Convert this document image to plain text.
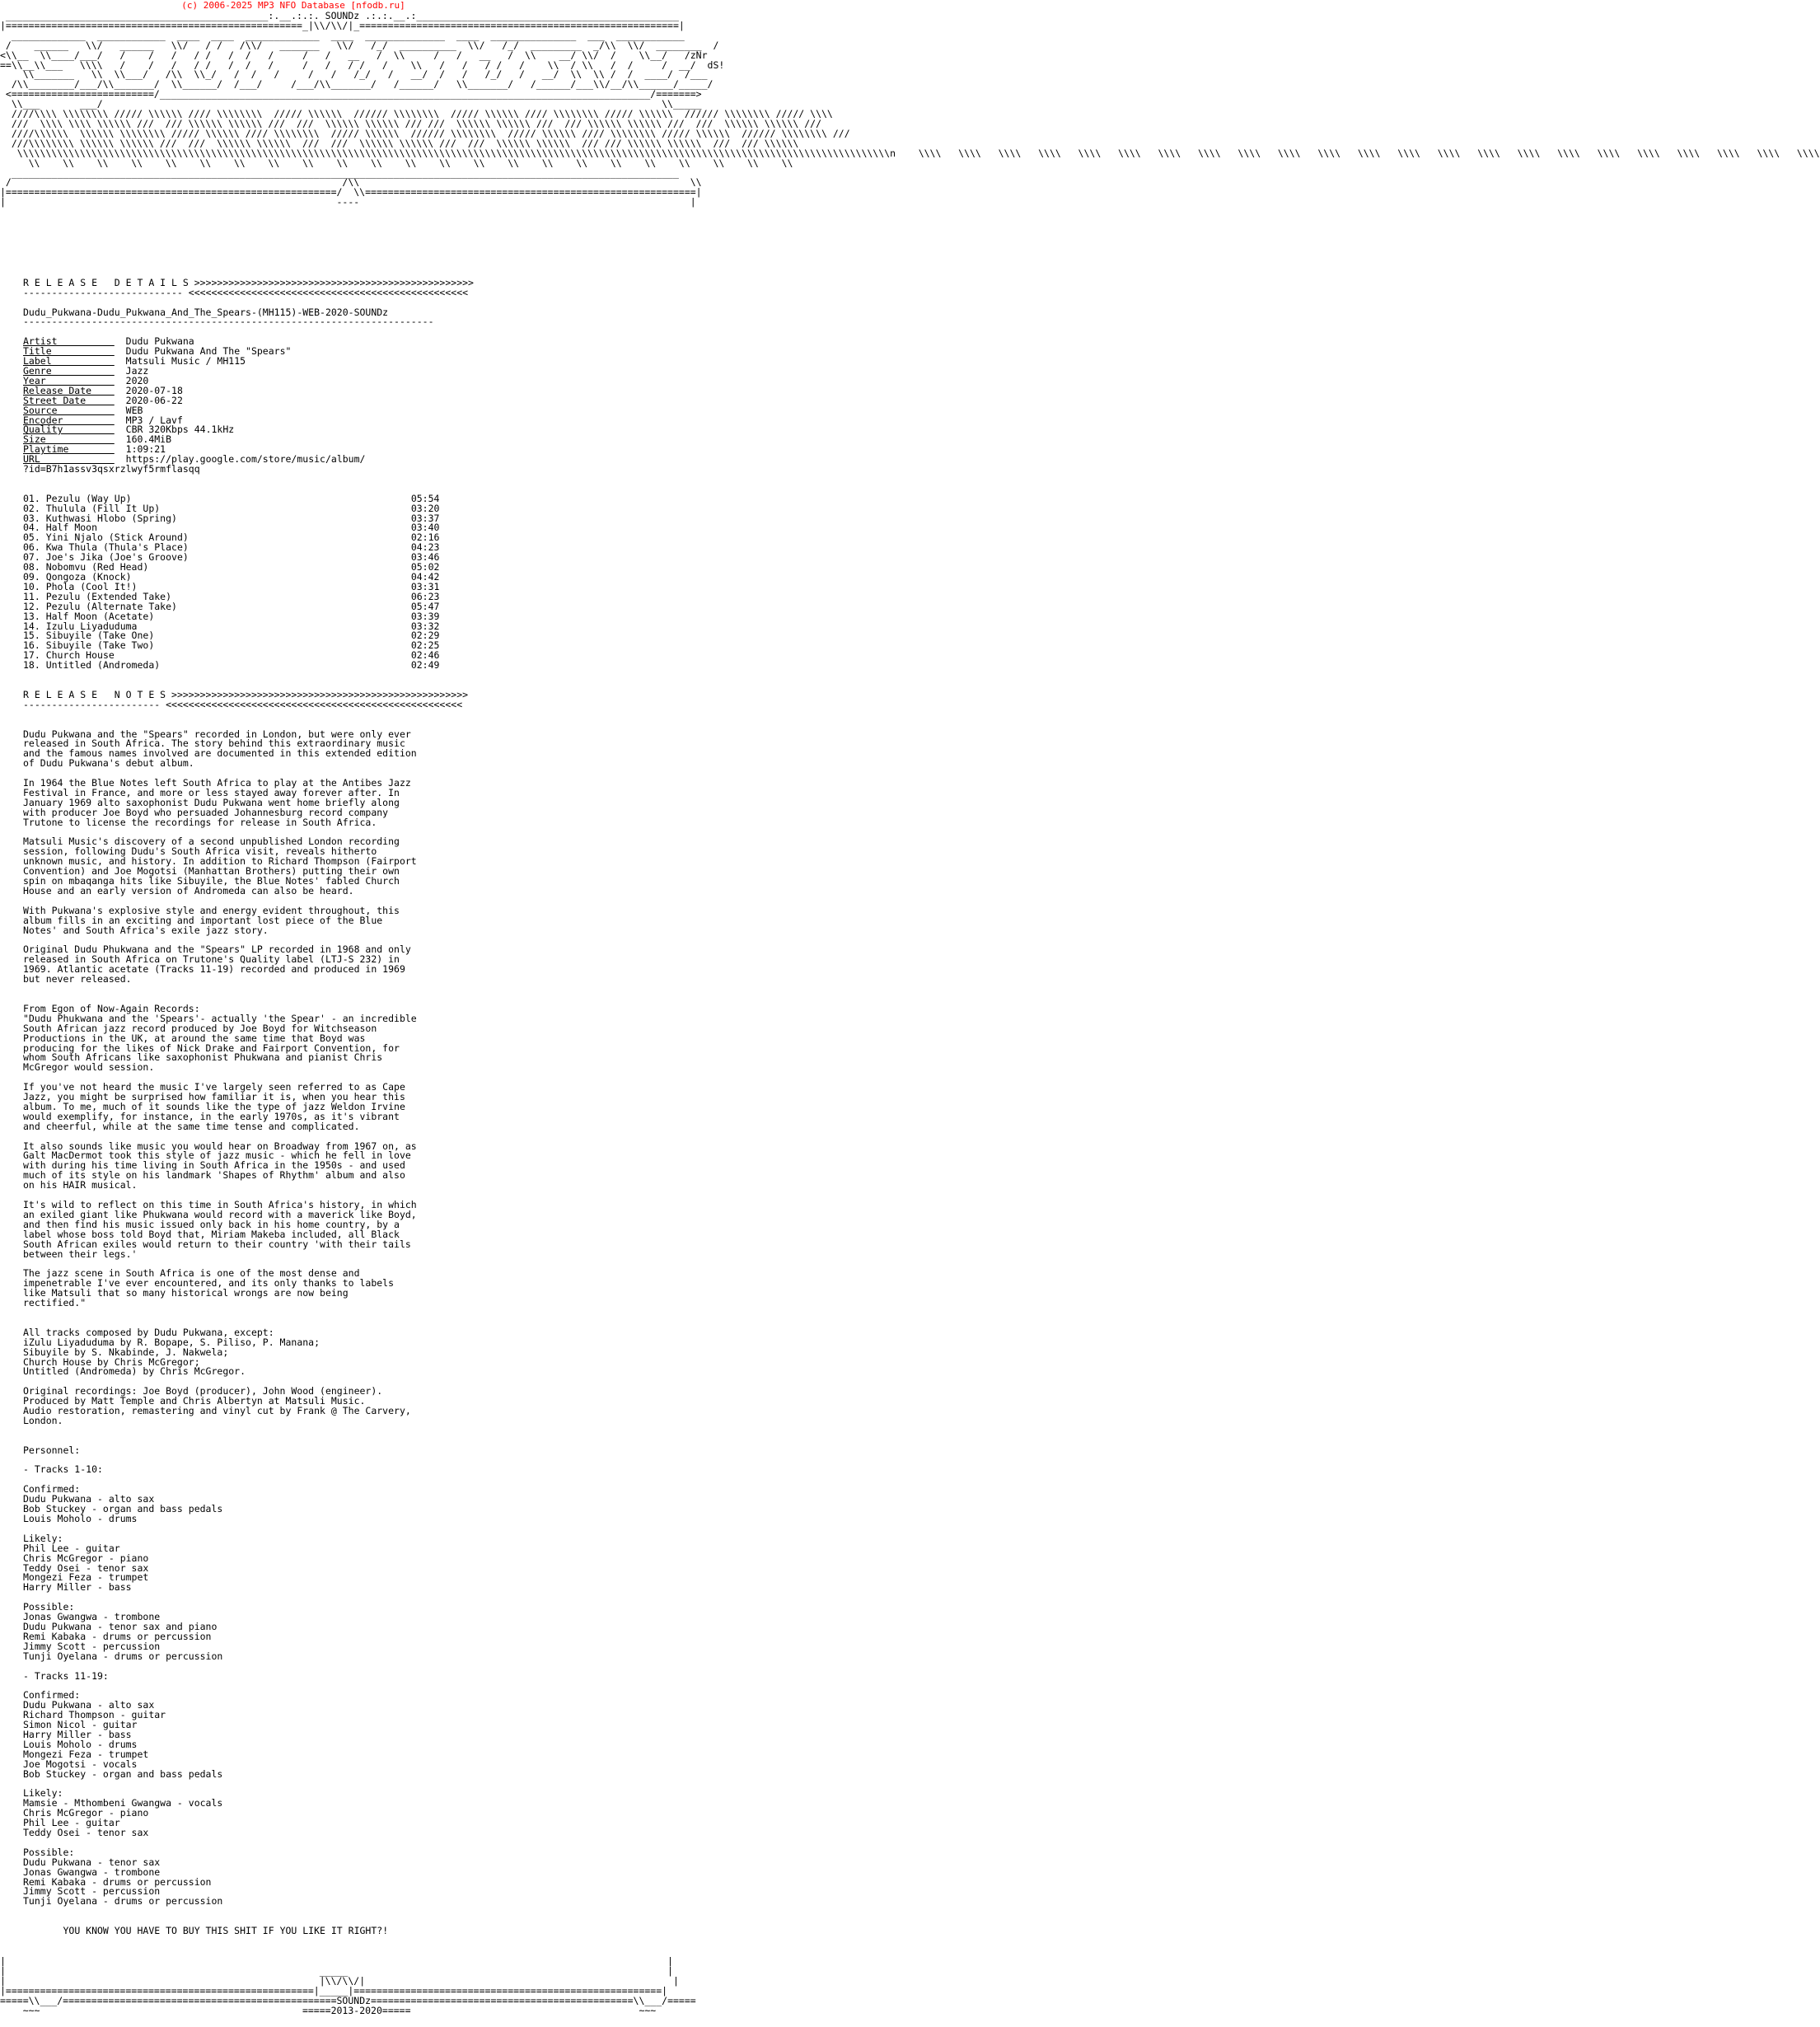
(c) 2006-2025 MP3 NFO Database [nfodb.ru]
______________________________________________:.__.:.:. SOUNDz .:.:.__.:______________________________________________
|====================================================_|\\/\\/|_========================================================|
_____________  ____________  ____  ____  _____________  ____  ______________  ____  _______________  ___  ____________
/    ______   \\/   ______   \\/   / /   /\\/   _______   \\/   /_/  __________  \\/   /_/  _________  _/\\  \\/  ________  /
<\\__  \\____/___/   /    /   /   / /   /  /   /     /   /   __   /  \\     /   /   __   /  \\    __/ \\/  /    \\__/   /zNr
==\\__\\___   \\\\   /    /   /   / /   /  /   /     /   /   / /   /    \\   /   /   / /   /    \\  / \\   /  /     /  __/  dS!
\\_______   \\  \\___/   /\\  \\_/   /  /   /     /   /   /_/   /   __/  /   /   /_/   /   __/  \\  \\ /  /  ____/  /___
/\\________/___/\\_______/  \\______/  /___/     /___/\\_______/   /______/   \\_______/   /______/___\\/__/\\______/_____/
<=========================/______________________________________________________________________________________/=======>
\\___       ___/                                                                                                  \\_____
////\\\\ \\\\\\\\ ///// \\\\\\ //// \\\\\\\\  ///// \\\\\\  ////// \\\\\\\\  ///// \\\\\\ //// \\\\\\\\ ///// \\\\\\  ////// \\\\\\\\ ///// \\\\
///  \\\\ \\\\ \\\\\\ ///  /// \\\\\\ \\\\\\ ///  ///  \\\\\\ \\\\\\ /// ///  \\\\\\ \\\\\\ ///  /// \\\\\\ \\\\\\ ///  ///  \\\\\\ \\\\\\ ///
////\\\\\\  \\\\\\ \\\\\\\\ ///// \\\\\\ //// \\\\\\\\  ///// \\\\\\  ////// \\\\\\\\  ///// \\\\\\ //// \\\\\\\\ ///// \\\\\\  ////// \\\\\\\\ ///
///\\\\\\\\ \\\\\\ \\\\\\ ///  ///  \\\\\\ \\\\\\  ///  ///  \\\\\\ \\\\\\ ///  ///  \\\\\\ \\\\\\  /// /// \\\\\\ \\\\\\  ///  /// \\\\\\
\\\\\\\\\\\\\\\\\\\\\\\\\\\\\\\\\\\\\\\\\\\\\\\\\\\\\\\\\\\\\\\\\\\\\\\\\\\\\\\\\\\\\\\\\\\\\\\\\\\\\\\\\\\\\\\\\\\\\\\\\\\\\\\\\\\\\\\\\\\\\\\\\\\\\\\\\n    \\\\   \\\\   \\\\   \\\\   \\\\   \\\\   \\\\   \\\\   \\\\   \\\\   \\\\   \\\\   \\\\   \\\\   \\\\   \\\\   \\\\   \\\\   \\\\   \\\\   \\\\   \\\\   \\\\
\\    \\    \\    \\    \\    \\    \\    \\    \\    \\    \\    \\    \\    \\    \\    \\    \\    \\    \\    \\    \\    \\    \\
_____________________________________________________________________________________________________________________
/                                                          /\\                                                          \\
|==========================================================/  \\==========================================================|
|                                                          ----                                                          |

R E L E A S E   D E T A I L S >>>>>>>>>>>>>>>>>>>>>>>>>>>>>>>>>>>>>>>>>>>>>>>>>
---------------------------- <<<<<<<<<<<<<<<<<<<<<<<<<<<<<<<<<<<<<<<<<<<<<<<<<

Dudu_Pukwana-Dudu_Pukwana_And_The_Spears-(MH115)-WEB-2020-SOUNDz
------------------------------------------------------------------------

Artist            Dudu Pukwana
Title             Dudu Pukwana And The "Spears"
Label             Matsuli Music / MH115
Genre             Jazz
Year              2020
Release Date      2020-07-18
Street Date       2020-06-22
Source            WEB
Encoder           MP3 / Lavf
Quality           CBR 320Kbps 44.1kHz
Size              160.4MiB
Playtime          1:09:21
URL               https://play.google.com/store/music/album/
?id=B7h1assv3qsxrzlwyf5rmflasqq

01. Pezulu (Way Up)                                                 05:54
02. Thulula (Fill It Up)                                            03:20
03. Kuthwasi Hlobo (Spring)                                         03:37
04. Half Moon                                                       03:40
05. Yini Njalo (Stick Around)                                       02:16
06. Kwa Thula (Thula's Place)                                       04:23
07. Joe's Jika (Joe's Groove)                                       03:46
08. Nobomvu (Red Head)                                              05:02
09. Qongoza (Knock)                                                 04:42
10. Phola (Cool It!)                                                03:31
11. Pezulu (Extended Take)                                          06:23
12. Pezulu (Alternate Take)                                         05:47
13. Half Moon (Acetate)                                             03:39
14. Izulu Liyaduduma                                                03:32
15. Sibuyile (Take One)                                             02:29
16. Sibuyile (Take Two)                                             02:25
17. Church House                                                    02:46
18. Untitled (Andromeda)                                            02:49

R E L E A S E   N O T E S >>>>>>>>>>>>>>>>>>>>>>>>>>>>>>>>>>>>>>>>>>>>>>>>>>>>
------------------------ <<<<<<<<<<<<<<<<<<<<<<<<<<<<<<<<<<<<<<<<<<<<<<<<<<<<

Dudu Pukwana and the "Spears" recorded in London, but were only ever
released in South Africa. The story behind this extraordinary music
and the famous names involved are documented in this extended edition
of Dudu Pukwana's debut album.

In 1964 the Blue Notes left South Africa to play at the Antibes Jazz
Festival in France, and more or less stayed away forever after. In
January 1969 alto saxophonist Dudu Pukwana went home briefly along
with producer Joe Boyd who persuaded Johannesburg record company
Trutone to license the recordings for release in South Africa.

Matsuli Music's discovery of a second unpublished London recording
session, following Dudu's South Africa visit, reveals hitherto
unknown music, and history. In addition to Richard Thompson (Fairport
Convention) and Joe Mogotsi (Manhattan Brothers) putting their own
spin on mbaqanga hits like Sibuyile, the Blue Notes' fabled Church
House and an early version of Andromeda can also be heard.

With Pukwana's explosive style and energy evident throughout, this
album fills in an exciting and important lost piece of the Blue
Notes' and South Africa's exile jazz story.

Original Dudu Phukwana and the "Spears" LP recorded in 1968 and only
released in South Africa on Trutone's Quality label (LTJ-S 232) in
1969. Atlantic acetate (Tracks 11-19) recorded and produced in 1969
but never released.

From Egon of Now-Again Records:
"Dudu Phukwana and the 'Spears'- actually 'the Spear' - an incredible
South African jazz record produced by Joe Boyd for Witchseason
Productions in the UK, at around the same time that Boyd was
producing for the likes of Nick Drake and Fairport Convention, for
whom South Africans like saxophonist Phukwana and pianist Chris
McGregor would session.

If you've not heard the music I've largely seen referred to as Cape
Jazz, you might be surprised how familiar it is, when you hear this
album. To me, much of it sounds like the type of jazz Weldon Irvine
would exemplify, for instance, in the early 1970s, as it's vibrant
and cheerful, while at the same time tense and complicated.

It also sounds like music you would hear on Broadway from 1967 on, as
Galt MacDermot took this style of jazz music - which he fell in love
with during his time living in South Africa in the 1950s - and used
much of its style on his landmark 'Shapes of Rhythm' album and also
on his HAIR musical.

It's wild to reflect on this time in South Africa's history, in which
an exiled giant like Phukwana would record with a maverick like Boyd,
and then find his music issued only back in his home country, by a
label whose boss told Boyd that, Miriam Makeba included, all Black
South African exiles would return to their country 'with their tails
between their legs.'

The jazz scene in South Africa is one of the most dense and
impenetrable I've ever encountered, and its only thanks to labels
like Matsuli that so many historical wrongs are now being
rectified."

All tracks composed by Dudu Pukwana, except:
iZulu Liyaduduma by R. Bopape, S. Piliso, P. Manana;
Sibuyile by S. Nkabinde, J. Nakwela;
Church House by Chris McGregor;
Untitled (Andromeda) by Chris McGregor.

Original recordings: Joe Boyd (producer), John Wood (engineer).
Produced by Matt Temple and Chris Albertyn at Matsuli Music.
Audio restoration, remastering and vinyl cut by Frank @ The Carvery,
London.

Personnel:

- Tracks 1-10:

Confirmed:
Dudu Pukwana - alto sax
Bob Stuckey - organ and bass pedals
Louis Moholo - drums

Likely:
Phil Lee - guitar
Chris McGregor - piano
Teddy Osei - tenor sax
Mongezi Feza - trumpet
Harry Miller - bass

Possible:
Jonas Gwangwa - trombone
Dudu Pukwana - tenor sax and piano
Remi Kabaka - drums or percussion
Jimmy Scott - percussion
Tunji Oyelana - drums or percussion

- Tracks 11-19:

Confirmed:
Dudu Pukwana - alto sax
Richard Thompson - guitar
Simon Nicol - guitar
Harry Miller - bass
Louis Moholo - drums
Mongezi Feza - trumpet
Joe Mogotsi - vocals
Bob Stuckey - organ and bass pedals

Likely:
Mamsie - Mthombeni Gwangwa - vocals
Chris McGregor - piano
Phil Lee - guitar
Teddy Osei - tenor sax

Possible:
Dudu Pukwana - tenor sax
Jonas Gwangwa - trombone
Remi Kabaka - drums or percussion
Jimmy Scott - percussion
Tunji Oyelana - drums or percussion

YOU KNOW YOU HAVE TO BUY THIS SHIT IF YOU LIKE IT RIGHT?!

|                                                                                                                    |
|                                                       _____                                                        |
|                                                       |\\/\\/|	|
|======================================================|_____|======================================================|
=====\\___/================================================SOUNDz==============================================\\___/=====
~~~                                              =====2013-2020=====                                        ~~~
